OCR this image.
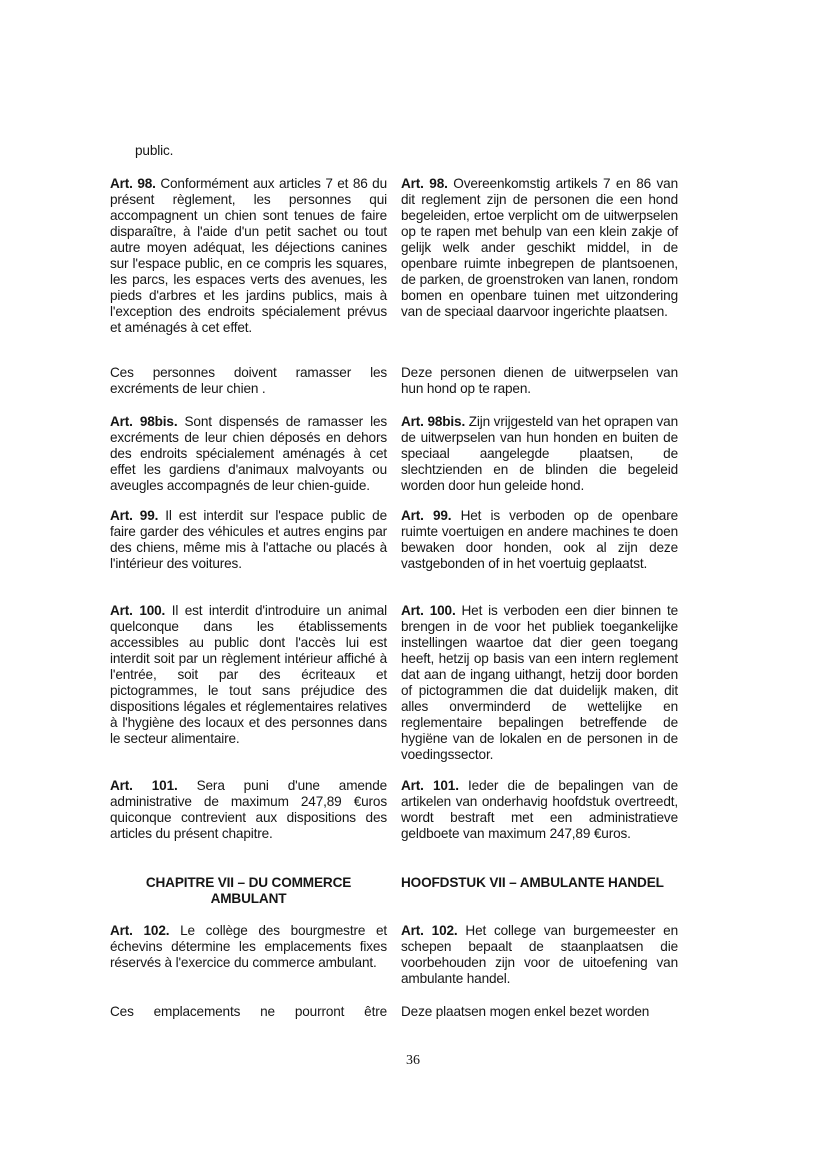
public.
Art. 98. Conformément aux articles 7 et 86 du présent règlement, les personnes qui accompagnent un chien sont tenues de faire disparaître, à l'aide d'un petit sachet ou tout autre moyen adéquat, les déjections canines sur l'espace public, en ce compris les squares, les parcs, les espaces verts des avenues, les pieds d'arbres et les jardins publics, mais à l'exception des endroits spécialement prévus et aménagés à cet effet.
Ces personnes doivent ramasser les excréments de leur chien .
Art. 98bis. Sont dispensés de ramasser les excréments de leur chien déposés en dehors des endroits spécialement aménagés à cet effet les gardiens d'animaux malvoyants ou aveugles accompagnés de leur chien-guide.
Art. 99. Il est interdit sur l'espace public de faire garder des véhicules et autres engins par des chiens, même mis à l'attache ou placés à l'intérieur des voitures.
Art. 100. Il est interdit d'introduire un animal quelconque dans les établissements accessibles au public dont l'accès lui est interdit soit par un règlement intérieur affiché à l'entrée, soit par des écriteaux et pictogrammes, le tout sans préjudice des dispositions légales et réglementaires relatives à l'hygiène des locaux et des personnes dans le secteur alimentaire.
Art. 101. Sera puni d'une amende administrative de maximum 247,89 €uros quiconque contrevient aux dispositions des articles du présent chapitre.
CHAPITRE VII – DU COMMERCE AMBULANT
Art. 102. Le collège des bourgmestre et échevins détermine les emplacements fixes réservés à l'exercice du commerce ambulant.
Ces emplacements ne pourront être
Art. 98. Overeenkomstig artikels 7 en 86 van dit reglement zijn de personen die een hond begeleiden, ertoe verplicht om de uitwerpselen op te rapen met behulp van een klein zakje of gelijk welk ander geschikt middel, in de openbare ruimte inbegrepen de plantsoenen, de parken, de groenstroken van lanen, rondom bomen en openbare tuinen met uitzondering van de speciaal daarvoor ingerichte plaatsen.
Deze personen dienen de uitwerpselen van hun hond op te rapen.
Art. 98bis. Zijn vrijgesteld van het oprapen van de uitwerpselen van hun honden en buiten de speciaal aangelegde plaatsen, de slechtzienden en de blinden die begeleid worden door hun geleide hond.
Art. 99. Het is verboden op de openbare ruimte voertuigen en andere machines te doen bewaken door honden, ook al zijn deze vastgebonden of in het voertuig geplaatst.
Art. 100. Het is verboden een dier binnen te brengen in de voor het publiek toegankelijke instellingen waartoe dat dier geen toegang heeft, hetzij op basis van een intern reglement dat aan de ingang uithangt, hetzij door borden of pictogrammen die dat duidelijk maken, dit alles onverminderd de wettelijke en reglementaire bepalingen betreffende de hygiëne van de lokalen en de personen in de voedingssector.
Art. 101. Ieder die de bepalingen van de artikelen van onderhavig hoofdstuk overtreedt, wordt bestraft met een administratieve geldboete van maximum 247,89 €uros.
HOOFDSTUK VII – AMBULANTE HANDEL
Art. 102. Het college van burgemeester en schepen bepaalt de staanplaatsen die voorbehouden zijn voor de uitoefening van ambulante handel.
Deze plaatsen mogen enkel bezet worden
36
